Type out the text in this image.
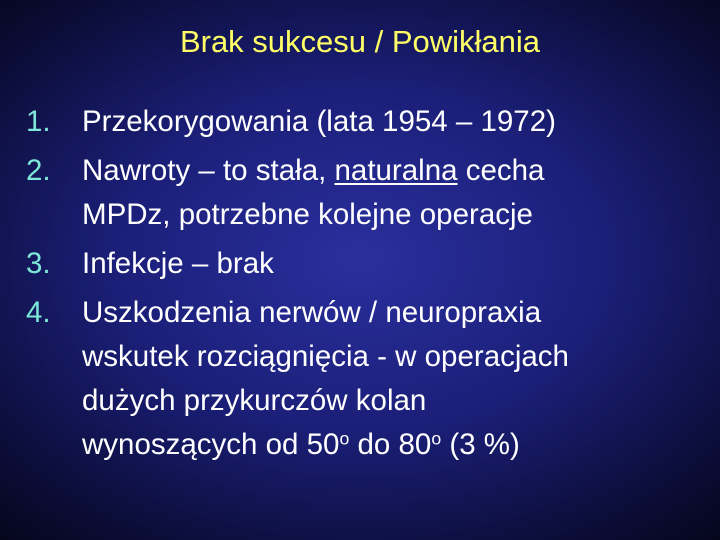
Brak sukcesu / Powikłania
1. Przekorygowania (lata 1954 – 1972)
2. Nawroty – to stała, naturalna cecha
MPDz, potrzebne kolejne operacje
3. Infekcje – brak
4. Uszkodzenia nerwów / neuropraxia
wskutek rozciągnięcia - w operacjach
dużych przykurczów kolan
wynoszących od 50$^o$ do 80$^o$ (3 %)
